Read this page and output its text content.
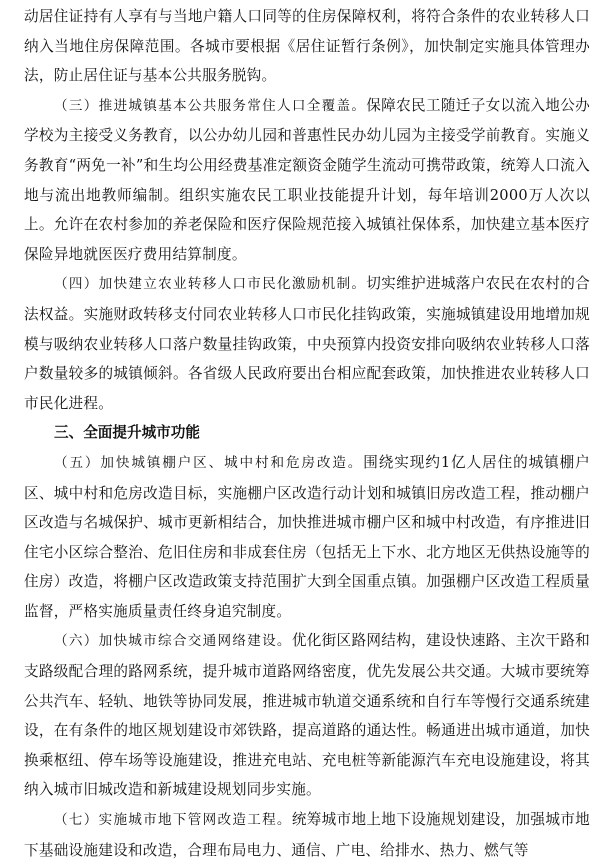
动居住证持有人享有与当地户籍人口同等的住房保障权利，将符合条件的农业转移人口纳入当地住房保障范围。各城市要根据《居住证暂行条例》，加快制定实施具体管理办法，防止居住证与基本公共服务脱钩。

（三）推进城镇基本公共服务常住人口全覆盖。保障农民工随迁子女以流入地公办学校为主接受义务教育，以公办幼儿园和普惠性民办幼儿园为主接受学前教育。实施义务教育“两免一补”和生均公用经费基准定额资金随学生流动可携带政策，统筹人口流入地与流出地教师编制。组织实施农民工职业技能提升计划，每年培训2000万人次以上。允许在农村参加的养老保险和医疗保险规范接入城镇社保体系，加快建立基本医疗保险异地就医医疗费用结算制度。

（四）加快建立农业转移人口市民化激励机制。切实维护进城落户农民在农村的合法权益。实施财政转移支付同农业转移人口市民化挂钩政策，实施城镇建设用地增加规模与吸纳农业转移人口落户数量挂钩政策，中央预算内投资安排向吸纳农业转移人口落户数量较多的城镇倾斜。各省级人民政府要出台相应配套政策，加快推进农业转移人口市民化进程。

三、全面提升城市功能

（五）加快城镇棚户区、城中村和危房改造。围绕实现约1亿人居住的城镇棚户区、城中村和危房改造目标，实施棚户区改造行动计划和城镇旧房改造工程，推动棚户区改造与名城保护、城市更新相结合，加快推进城市棚户区和城中村改造，有序推进旧住宅小区综合整治、危旧住房和非成套住房（包括无上下水、北方地区无供热设施等的住房）改造，将棚户区改造政策支持范围扩大到全国重点镇。加强棚户区改造工程质量监督，严格实施质量责任终身追究制度。

（六）加快城市综合交通网络建设。优化街区路网结构，建设快速路、主次干路和支路级配合理的路网系统，提升城市道路网络密度，优先发展公共交通。大城市要统筹公共汽车、轻轨、地铁等协同发展，推进城市轨道交通系统和自行车等慢行交通系统建设，在有条件的地区规划建设市郊铁路，提高道路的通达性。畅通进出城市通道，加快换乘枢纽、停车场等设施建设，推进充电站、充电桩等新能源汽车充电设施建设，将其纳入城市旧城改造和新城建设规划同步实施。

（七）实施城市地下管网改造工程。统筹城市地上地下设施规划建设，加强城市地下基础设施建设和改造，合理布局电力、通信、广电、给排水、热力、燃气等
